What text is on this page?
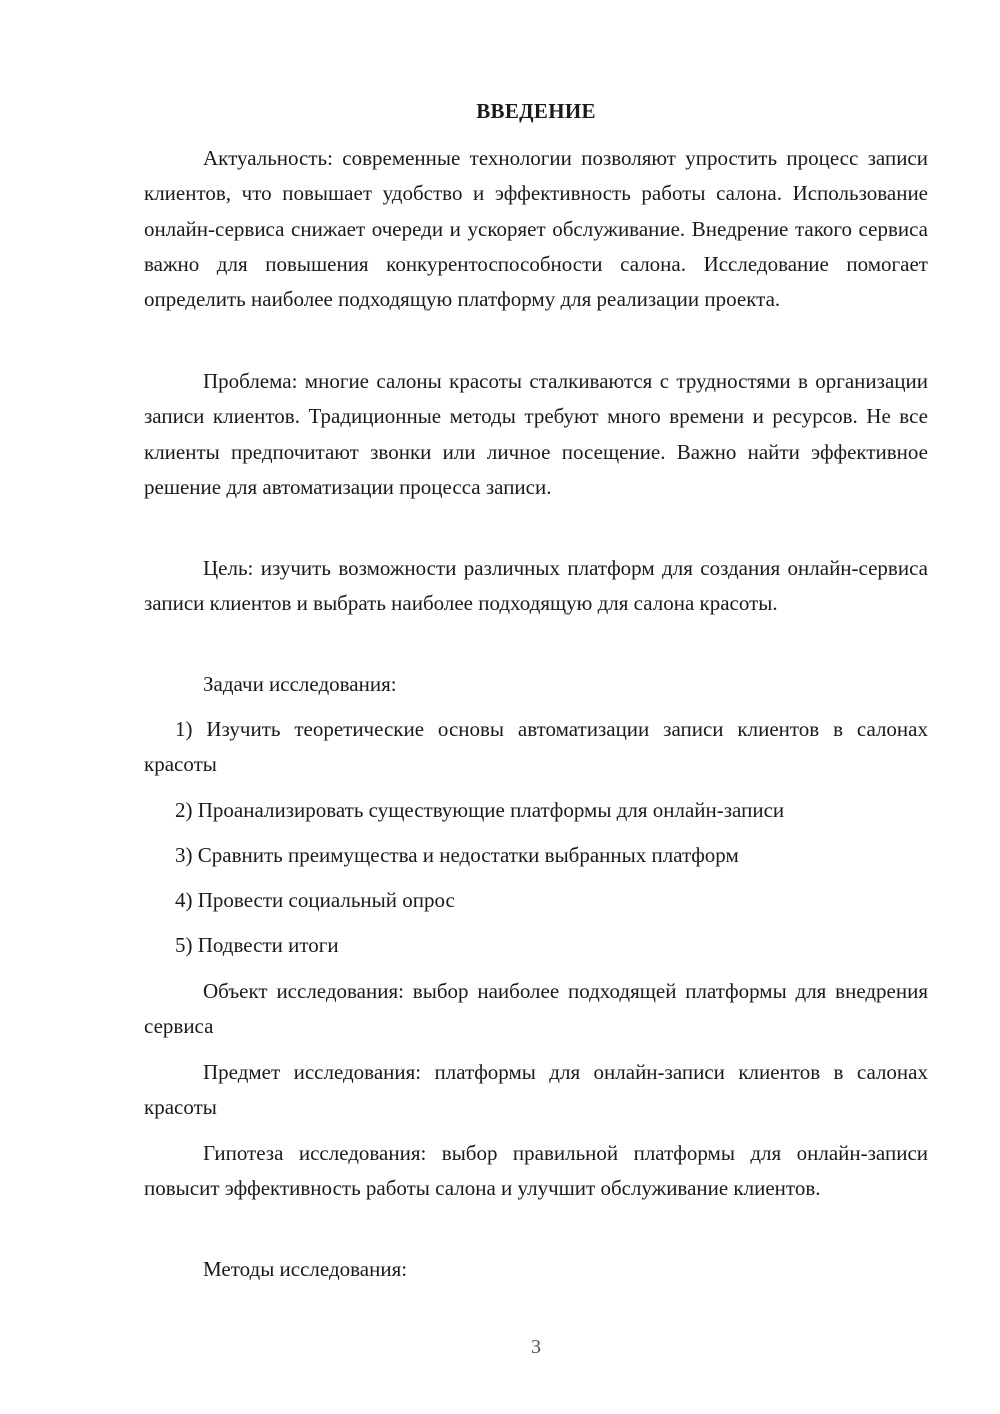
ВВЕДЕНИЕ

Актуальность: современные технологии позволяют упростить процесс записи клиентов, что повышает удобство и эффективность работы салона. Использование онлайн-сервиса снижает очереди и ускоряет обслуживание. Внедрение такого сервиса важно для повышения конкурентоспособности салона. Исследование помогает определить наиболее подходящую платформу для реализации проекта.

Проблема: многие салоны красоты сталкиваются с трудностями в организации записи клиентов. Традиционные методы требуют много времени и ресурсов. Не все клиенты предпочитают звонки или личное посещение. Важно найти эффективное решение для автоматизации процесса записи.

Цель: изучить возможности различных платформ для создания онлайн-сервиса записи клиентов и выбрать наиболее подходящую для салона красоты.

Задачи исследования:

1) Изучить теоретические основы автоматизации записи клиентов в салонах красоты

2) Проанализировать существующие платформы для онлайн-записи

3) Сравнить преимущества и недостатки выбранных платформ

4) Провести социальный опрос

5) Подвести итоги

Объект исследования: выбор наиболее подходящей платформы для внедрения сервиса

Предмет исследования: платформы для онлайн-записи клиентов в салонах красоты

Гипотеза исследования: выбор правильной платформы для онлайн-записи повысит эффективность работы салона и улучшит обслуживание клиентов.

Методы исследования:

3
